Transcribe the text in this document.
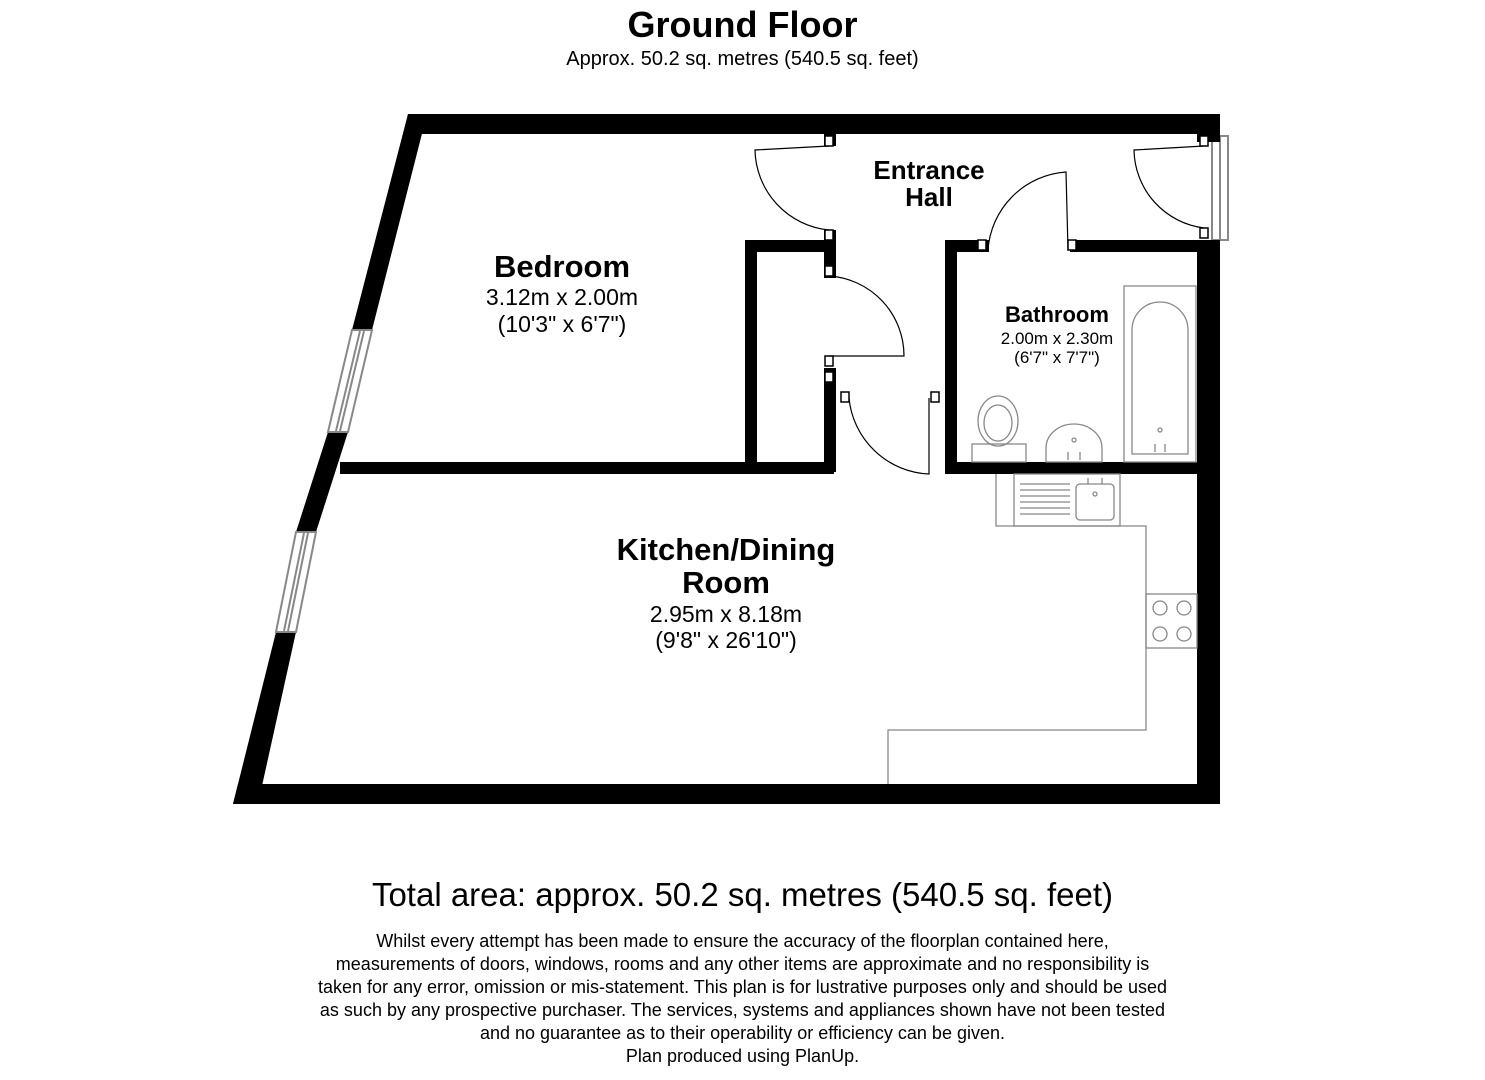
Ground Floor
Approx. 50.2 sq. metres (540.5 sq. feet)
Entrance
Hall
Bedroom
3.12m x 2.00m
(10'3" x 6'7")	Bathroom
2.00m x 2.30m
(6'7" x 7'7")
Kitchen/Dining
Room
2.95m x 8.18m
(9'8" x 26'10")
Total area: approx. 50.2 sq. metres (540.5 sq. feet)
Whilst every attempt has been made to ensure the accuracy of the floorplan contained here,
measurements of doors, windows, rooms and any other items are approximate and no responsibility is
taken for any error, omission or mis-statement. This plan is for lustrative purposes only and should be used
as such by any prospective purchaser. The services, systems and appliances shown have not been tested
and no guarantee as to their operability or efficiency can be given.
Plan produced using PlanUp.
